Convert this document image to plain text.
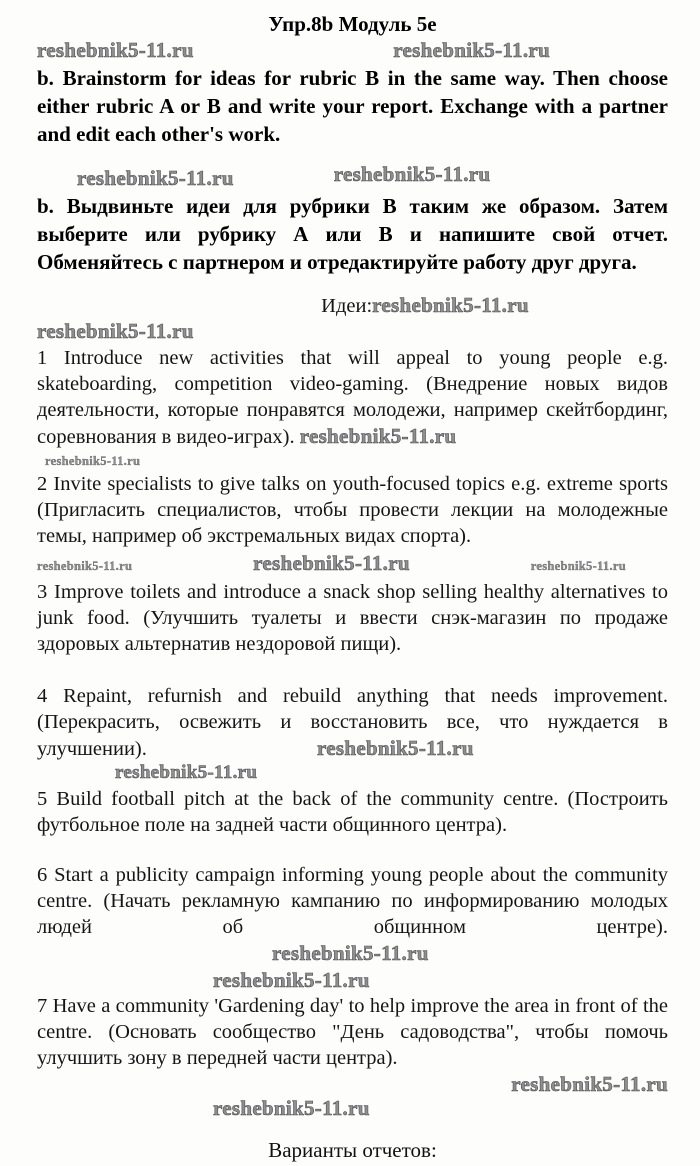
Упр.8b Модуль 5e
reshebnik5-11.ru	reshebnik5-11.ru

b. Brainstorm for ideas for rubric B in the same way. Then choose either rubric A or B and write your report. Exchange with a partner and edit each other's work.

reshebnik5-11.ru	reshebnik5-11.ru

b. Выдвиньте идеи для рубрики В таким же образом. Затем выберите или рубрику А или В и напишите свой отчет. Обменяйтесь с партнером и отредактируйте работу друг друга.

Идеи:reshebnik5-11.ru
reshebnik5-11.ru

1 Introduce new activities that will appeal to young people e.g. skateboarding, competition video-gaming. (Внедрение новых видов деятельности, которые понравятся молодежи, например скейтбординг, соревнования в видео-играх). reshebnik5-11.ru

reshebnik5-11.ru

2 Invite specialists to give talks on youth-focused topics e.g. extreme sports (Пригласить специалистов, чтобы провести лекции на молодежные темы, например об экстремальных видах спорта).

reshebnik5-11.ru	reshebnik5-11.ru	reshebnik5-11.ru

3 Improve toilets and introduce a snack shop selling healthy alternatives to junk food. (Улучшить туалеты и ввести снэк-магазин по продаже здоровых альтернатив нездоровой пищи).

4 Repaint, refurnish and rebuild anything that needs improvement. (Перекрасить, освежить и восстановить все, что нуждается в улучшении).	reshebnik5-11.ru

reshebnik5-11.ru

5 Build football pitch at the back of the community centre. (Построить футбольное поле на задней части общинного центра).

6 Start a publicity campaign informing young people about the community centre. (Начать рекламную кампанию по информированию молодых людей об общинном центре). reshebnik5-11.ru

reshebnik5-11.ru

7 Have a community 'Gardening day' to help improve the area in front of the centre. (Основать сообщество "День садоводства", чтобы помочь улучшить зону в передней части центра).

reshebnik5-11.ru
reshebnik5-11.ru
Варианты отчетов:
